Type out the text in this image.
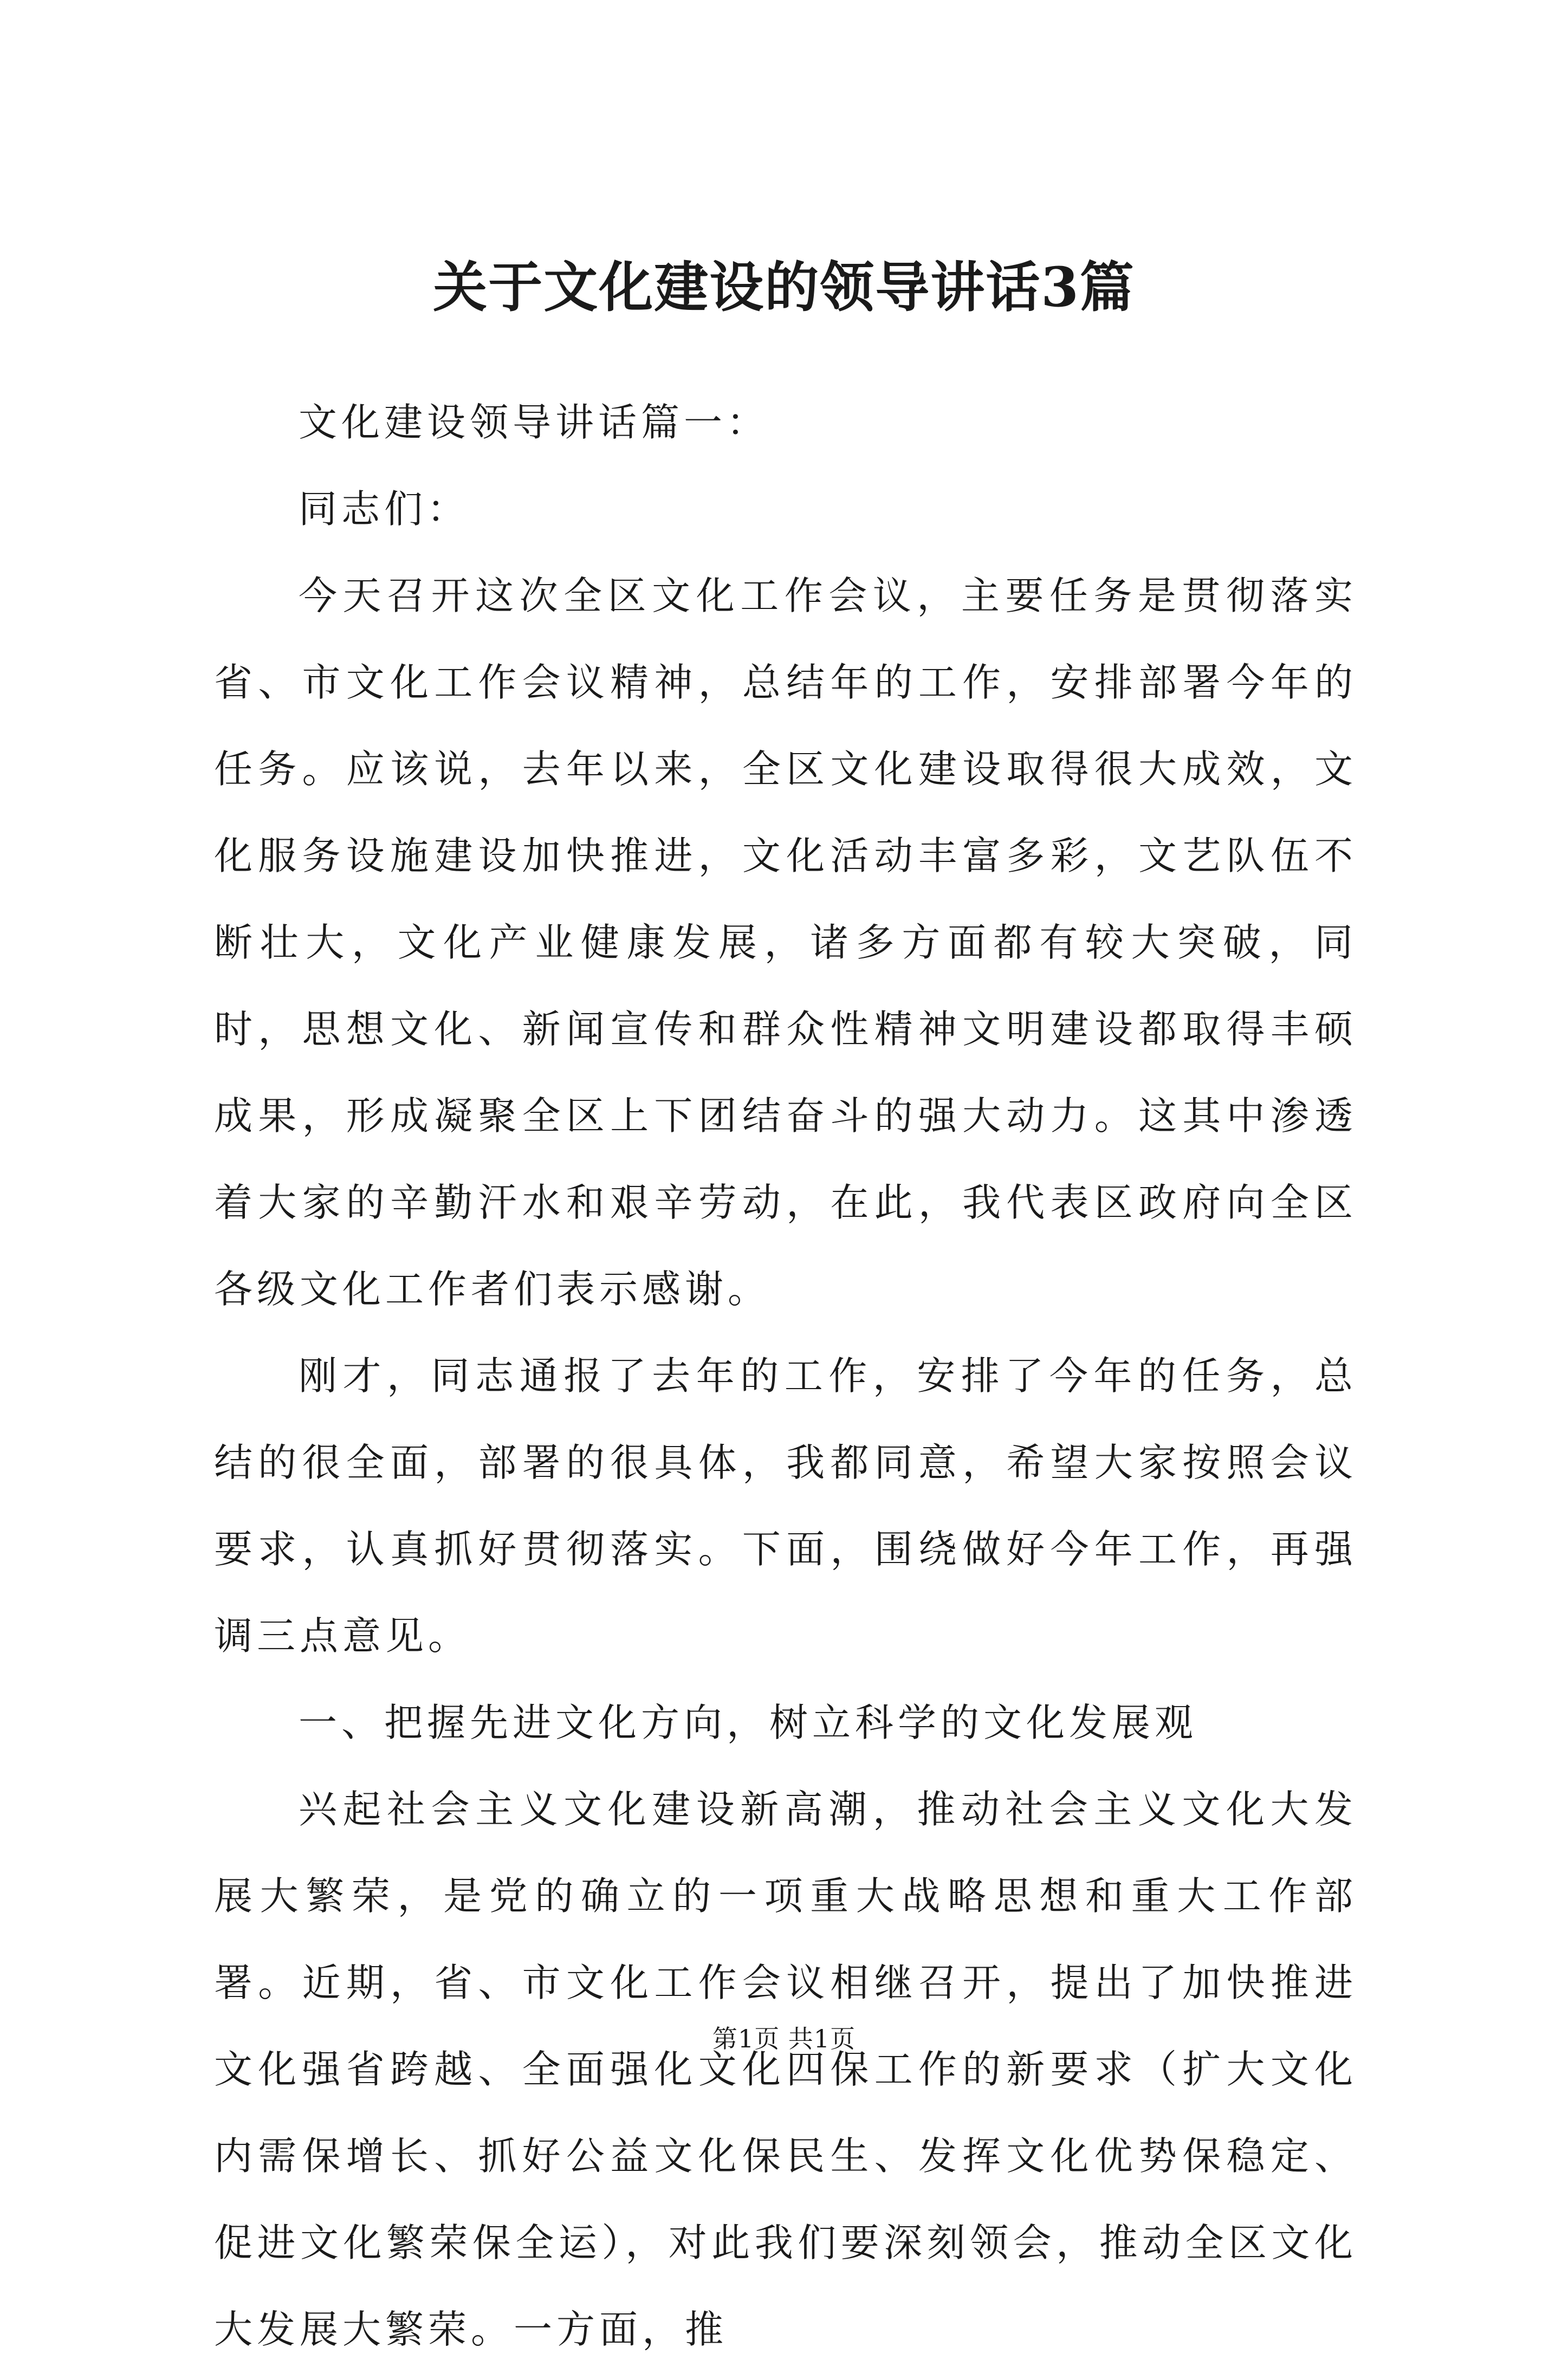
关于文化建设的领导讲话3篇

文化建设领导讲话篇一：

同志们：

今天召开这次全区文化工作会议，主要任务是贯彻落实省、市文化工作会议精神，总结年的工作，安排部署今年的任务。应该说，去年以来，全区文化建设取得很大成效，文化服务设施建设加快推进，文化活动丰富多彩，文艺队伍不断壮大，文化产业健康发展，诸多方面都有较大突破，同时，思想文化、新闻宣传和群众性精神文明建设都取得丰硕成果，形成凝聚全区上下团结奋斗的强大动力。这其中渗透着大家的辛勤汗水和艰辛劳动，在此，我代表区政府向全区各级文化工作者们表示感谢。

刚才，同志通报了去年的工作，安排了今年的任务，总结的很全面，部署的很具体，我都同意，希望大家按照会议要求，认真抓好贯彻落实。下面，围绕做好今年工作，再强调三点意见。

一、把握先进文化方向，树立科学的文化发展观

兴起社会主义文化建设新高潮，推动社会主义文化大发展大繁荣，是党的确立的一项重大战略思想和重大工作部署。近期，省、市文化工作会议相继召开，提出了加快推进文化强省跨越、全面强化文化四保工作的新要求（扩大文化内需保增长、抓好公益文化保民生、发挥文化优势保稳定、促进文化繁荣保全运），对此我们要深刻领会，推动全区文化大发展大繁荣。一方面，推

第1页 共1页
